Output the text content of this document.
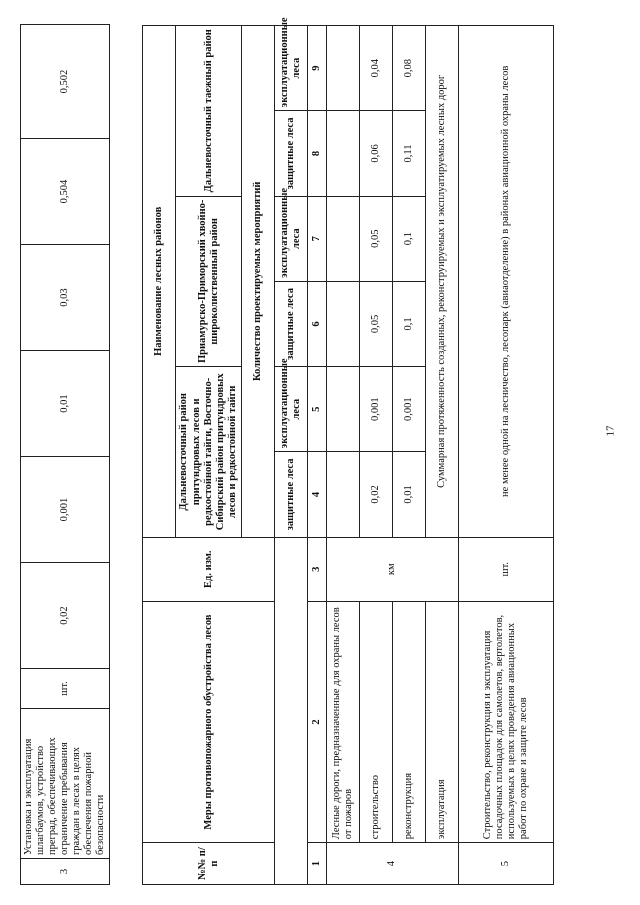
3	Установка и эксплуатация шлагбаумов, устройство преград, обеспечивающих ограничение пребывания граждан в лесах в целях обеспечения пожарной безопасности	шт.	0,02	0,001	0,01	0,03	0,504	0,502
№№ п/п	Меры противопожарного обустройства лесов	Ед. изм.	Наименование лесных районов					
			Дальневосточный район притундровых лесов и редкостойной тайги, Восточно-Сибирский район притундровых лесов и редкостойной тайги		Приамурско-Приморский хвойно-широколиственный район		Дальневосточный таежный район	
			Количество проектируемых мероприятий					
			защитные леса	эксплуатационные леса	защитные леса	эксплуатационные леса	защитные леса	эксплуатационные леса
1	2	3	4	5	6	7	8	9
4	Лесные дороги, предназначенные для охраны лесов от пожаров	км						
	строительство		0,02	0,001	0,05	0,05	0,06	0,04
	реконструкция		0,01	0,001	0,1	0,1	0,11	0,08
	эксплуатация		Суммарная протяженность созданных, реконструируемых и эксплуатируемых лесных дорог					
5	Строительство, реконструкция и эксплуатация посадочных площадок для самолетов, вертолетов, используемых в целях проведения авиационных работ по охране и защите лесов	шт.	не менее одной на лесничество, лесопарк (авиаотделение) в районах авиационной охраны лесов						17
